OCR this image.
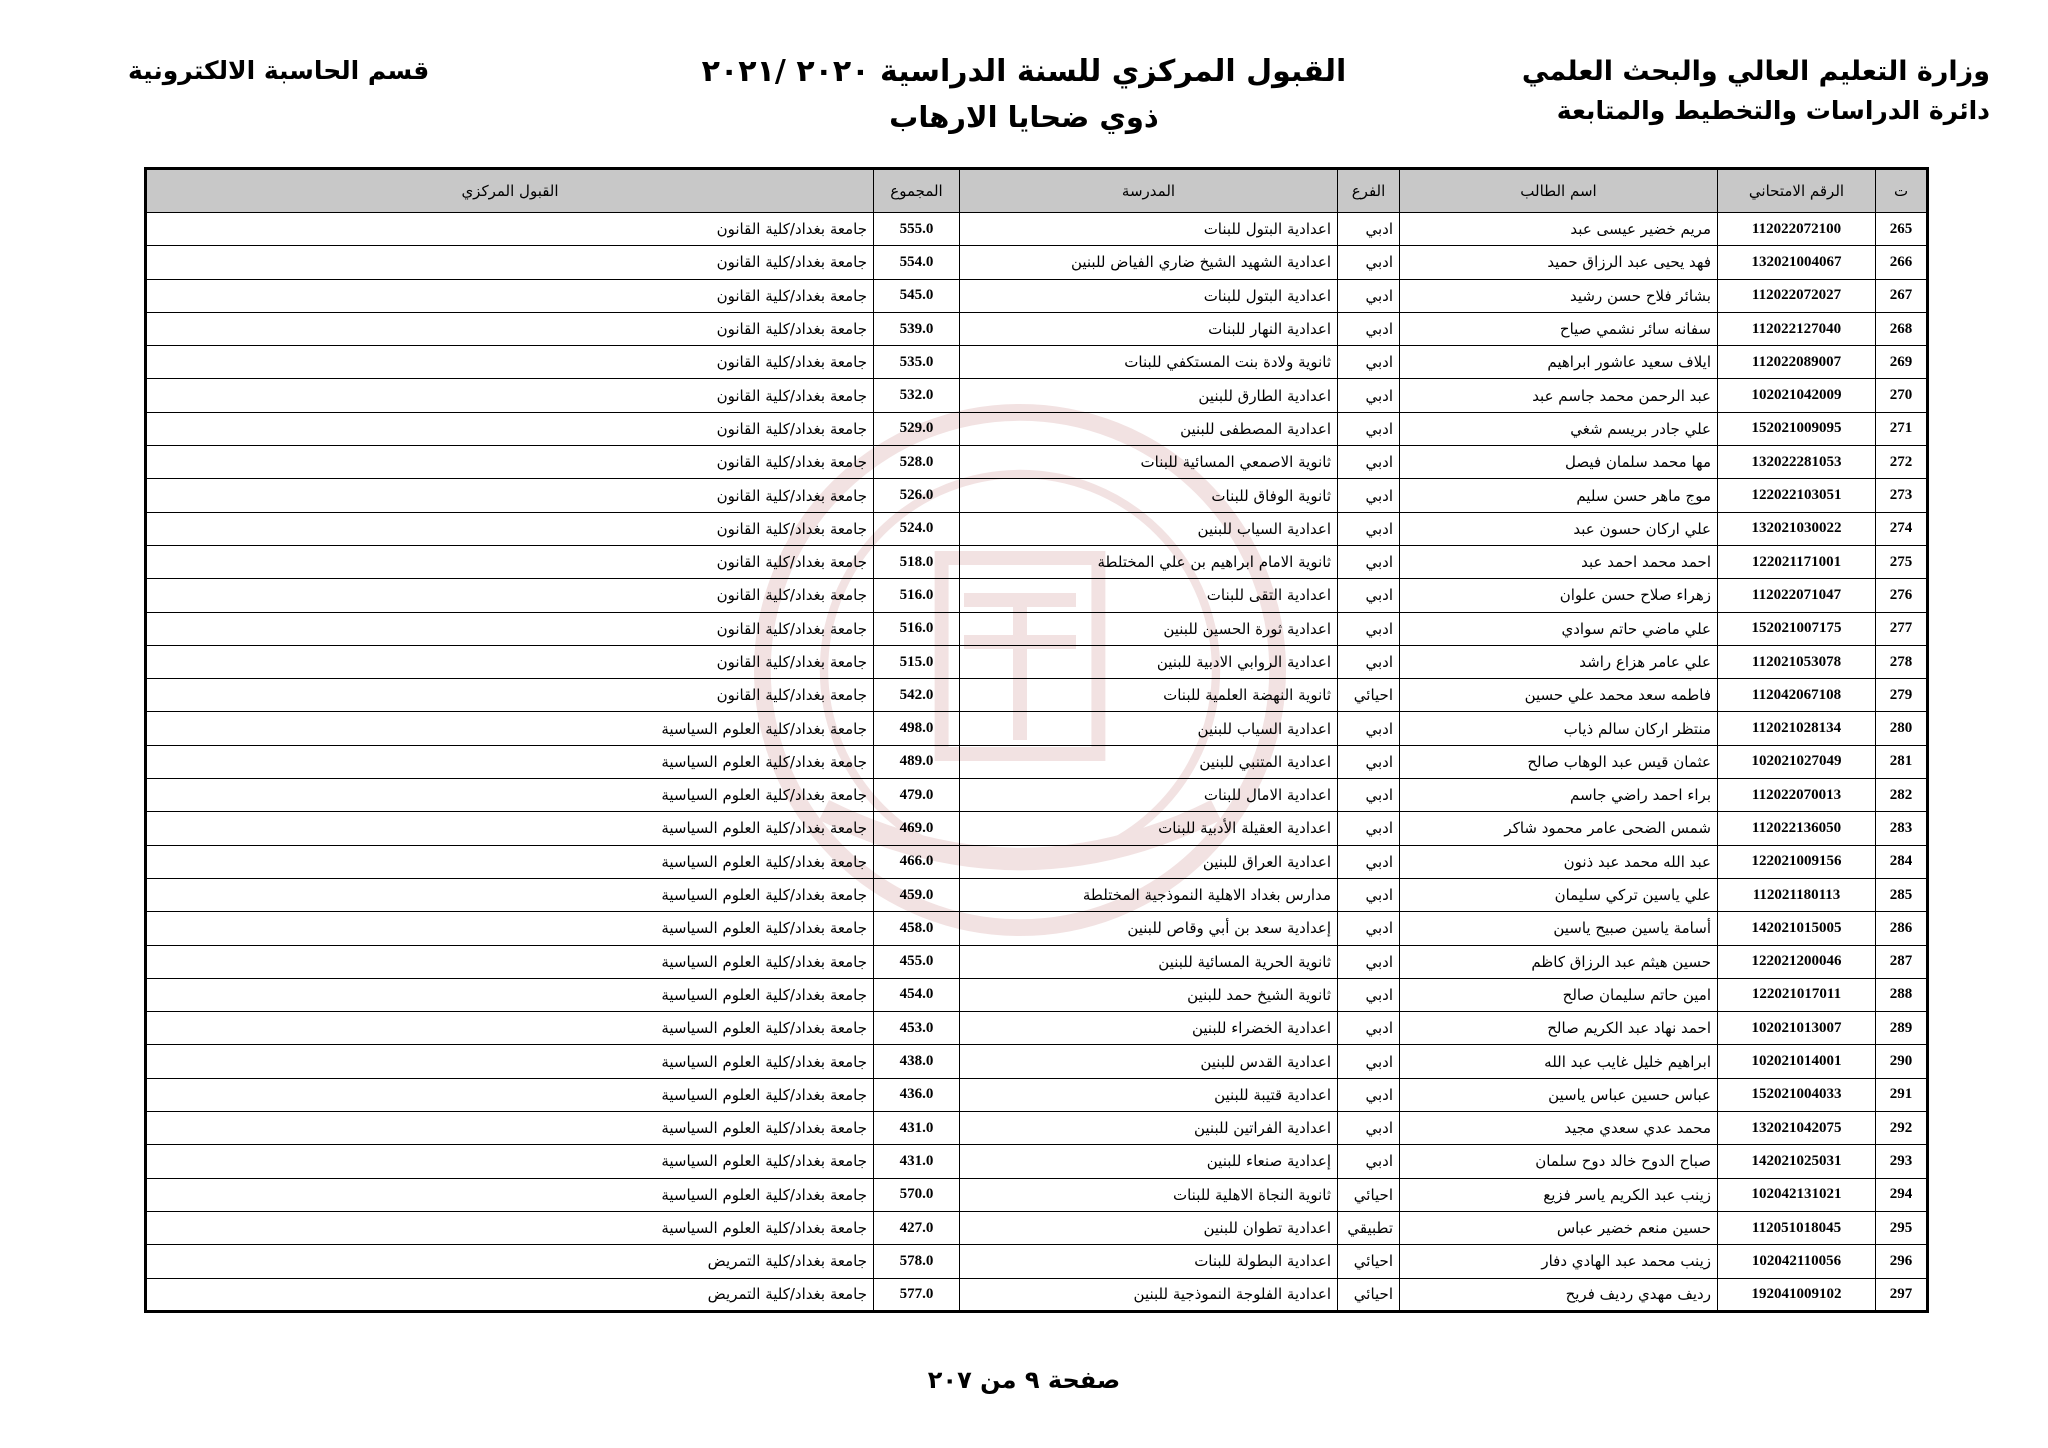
وزارة التعليم العالي والبحث العلمي
دائرة الدراسات والتخطيط والمتابعة
القبول المركزي للسنة الدراسية ٢٠٢٠ /٢٠٢١
ذوي ضحايا الارهاب
قسم الحاسبة الالكترونية
ت	الرقم الامتحاني	اسم الطالب	الفرع	المدرسة	المجموع	القبول المركزي
265	112022072100	مريم خضير عيسى عبد	ادبي	اعدادية البتول للبنات	555.0	جامعة بغداد/كلية القانون
266	132021004067	فهد يحيى عبد الرزاق حميد	ادبي	اعدادية الشهيد الشيخ ضاري الفياض للبنين	554.0	جامعة بغداد/كلية القانون
267	112022072027	بشائر فلاح حسن رشيد	ادبي	اعدادية البتول للبنات	545.0	جامعة بغداد/كلية القانون
268	112022127040	سفانه سائر نشمي صياح	ادبي	اعدادية النهار للبنات	539.0	جامعة بغداد/كلية القانون
269	112022089007	ايلاف سعيد عاشور ابراهيم	ادبي	ثانوية ولادة بنت المستكفي للبنات	535.0	جامعة بغداد/كلية القانون
270	102021042009	عبد الرحمن محمد جاسم عبد	ادبي	اعدادية الطارق للبنين	532.0	جامعة بغداد/كلية القانون
271	152021009095	علي جادر بريسم شغي	ادبي	اعدادية المصطفى للبنين	529.0	جامعة بغداد/كلية القانون
272	132022281053	مها محمد سلمان فيصل	ادبي	ثانوية الاصمعي المسائية للبنات	528.0	جامعة بغداد/كلية القانون
273	122022103051	موج ماهر حسن سليم	ادبي	ثانوية الوفاق للبنات	526.0	جامعة بغداد/كلية القانون
274	132021030022	علي اركان حسون عبد	ادبي	اعدادية السياب للبنين	524.0	جامعة بغداد/كلية القانون
275	122021171001	احمد محمد احمد عبد	ادبي	ثانوية الامام ابراهيم بن علي المختلطة	518.0	جامعة بغداد/كلية القانون
276	112022071047	زهراء صلاح حسن علوان	ادبي	اعدادية التقى للبنات	516.0	جامعة بغداد/كلية القانون
277	152021007175	علي ماضي حاتم سوادي	ادبي	اعدادية ثورة الحسين للبنين	516.0	جامعة بغداد/كلية القانون
278	112021053078	علي عامر هزاع راشد	ادبي	اعدادية الروابي الادبية للبنين	515.0	جامعة بغداد/كلية القانون
279	112042067108	فاطمه سعد محمد علي حسين	احيائي	ثانوية النهضة العلمية للبنات	542.0	جامعة بغداد/كلية القانون
280	112021028134	منتظر اركان سالم ذياب	ادبي	اعدادية السياب للبنين	498.0	جامعة بغداد/كلية العلوم السياسية
281	102021027049	عثمان قيس عبد الوهاب صالح	ادبي	اعدادية المتنبي للبنين	489.0	جامعة بغداد/كلية العلوم السياسية
282	112022070013	براء احمد راضي جاسم	ادبي	اعدادية الامال للبنات	479.0	جامعة بغداد/كلية العلوم السياسية
283	112022136050	شمس الضحى عامر محمود شاكر	ادبي	اعدادية العقيلة الأدبية للبنات	469.0	جامعة بغداد/كلية العلوم السياسية
284	122021009156	عبد الله محمد عبد ذنون	ادبي	اعدادية العراق للبنين	466.0	جامعة بغداد/كلية العلوم السياسية
285	112021180113	علي ياسين تركي سليمان	ادبي	مدارس بغداد الاهلية النموذجية المختلطة	459.0	جامعة بغداد/كلية العلوم السياسية
286	142021015005	أسامة ياسين صبيح ياسين	ادبي	إعدادية سعد بن أبي وقاص للبنين	458.0	جامعة بغداد/كلية العلوم السياسية
287	122021200046	حسين هيثم عبد الرزاق كاظم	ادبي	ثانوية الحرية المسائية للبنين	455.0	جامعة بغداد/كلية العلوم السياسية
288	122021017011	امين حاتم سليمان صالح	ادبي	ثانوية الشيخ حمد للبنين	454.0	جامعة بغداد/كلية العلوم السياسية
289	102021013007	احمد نهاد عبد الكريم صالح	ادبي	اعدادية الخضراء للبنين	453.0	جامعة بغداد/كلية العلوم السياسية
290	102021014001	ابراهيم خليل غايب عبد الله	ادبي	اعدادية القدس للبنين	438.0	جامعة بغداد/كلية العلوم السياسية
291	152021004033	عباس حسين عباس ياسين	ادبي	اعدادية قتيبة للبنين	436.0	جامعة بغداد/كلية العلوم السياسية
292	132021042075	محمد عدي سعدي مجيد	ادبي	اعدادية الفراتين للبنين	431.0	جامعة بغداد/كلية العلوم السياسية
293	142021025031	صباح الدوح خالد دوح سلمان	ادبي	إعدادية صنعاء للبنين	431.0	جامعة بغداد/كلية العلوم السياسية
294	102042131021	زينب عبد الكريم ياسر فزيع	احيائي	ثانوية النجاة الاهلية للبنات	570.0	جامعة بغداد/كلية العلوم السياسية
295	112051018045	حسين منعم خضير عباس	تطبيقي	اعدادية تطوان للبنين	427.0	جامعة بغداد/كلية العلوم السياسية
296	102042110056	زينب محمد عبد الهادي دفار	احيائي	اعدادية البطولة للبنات	578.0	جامعة بغداد/كلية التمريض
297	192041009102	رديف مهدي رديف فريح	احيائي	اعدادية الفلوجة النموذجية للبنين	577.0	جامعة بغداد/كلية التمريض
صفحة ٩ من ٢٠٧
